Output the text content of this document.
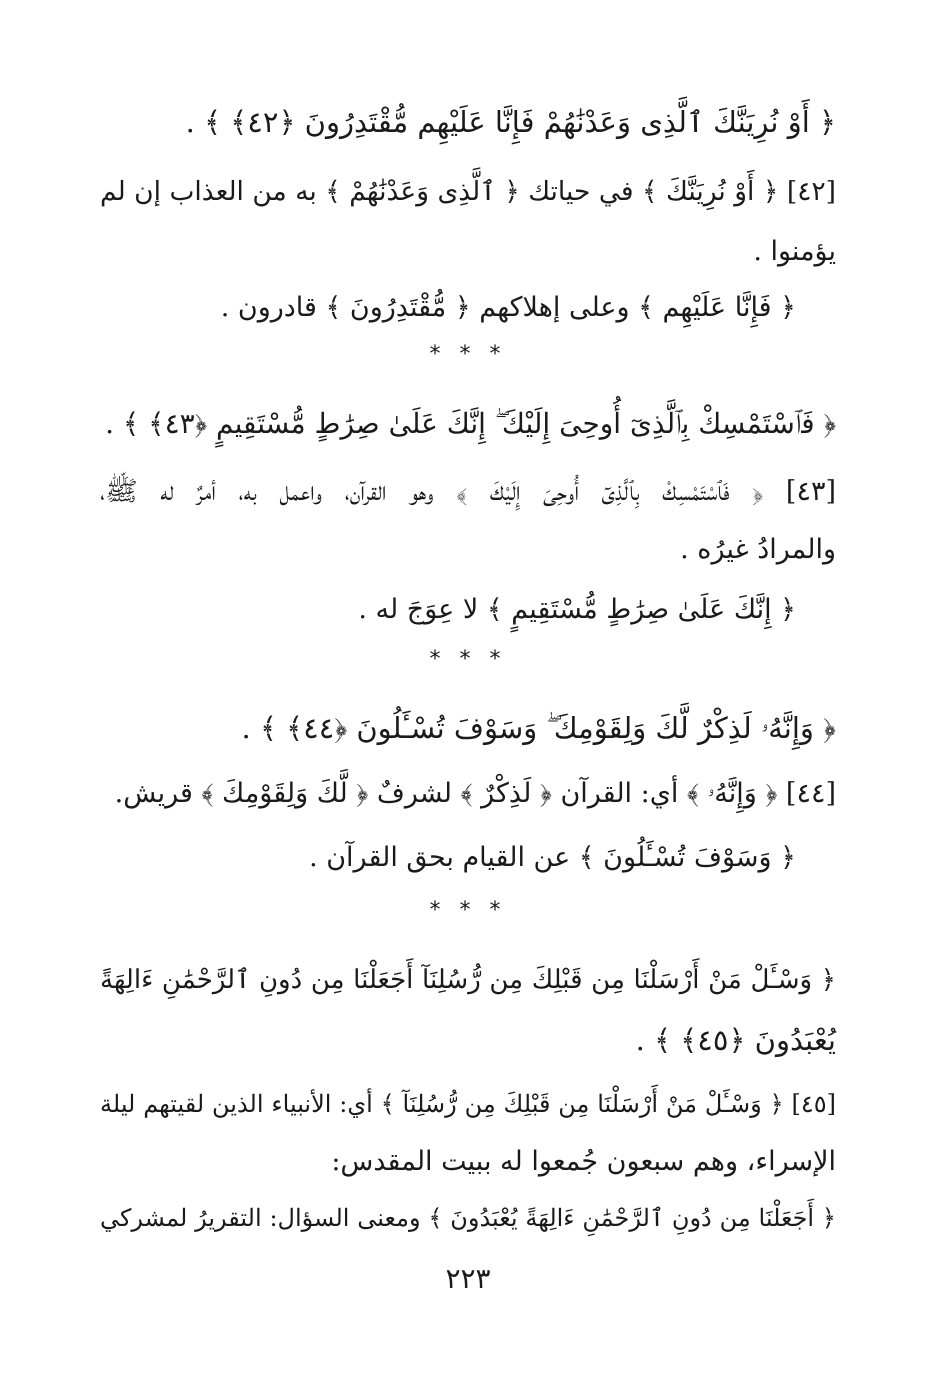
﴿ أَوْ نُرِيَنَّكَ ٱلَّذِى وَعَدْنَٰهُمْ فَإِنَّا عَلَيْهِم مُّقْتَدِرُونَ ﴿٤٢﴾ ﴾ .
[٤٢] ﴿ أَوْ نُرِيَنَّكَ ﴾ في حياتك ﴿ ٱلَّذِى وَعَدْنَٰهُمْ ﴾ به من العذاب إن لم
يؤمنوا .
﴿ فَإِنَّا عَلَيْهِم ﴾ وعلى إهلاكهم ﴿ مُّقْتَدِرُونَ ﴾ قادرون .
* * *
﴿ فَٱسْتَمْسِكْ بِٱلَّذِىٓ أُوحِىَ إِلَيْكَ ۖ إِنَّكَ عَلَىٰ صِرَٰطٍ مُّسْتَقِيمٍ ﴿٤٣﴾ ﴾ .
[٤٣] ﴿ فَٱسْتَمْسِكْ بِٱلَّذِىٓ أُوحِىَ إِلَيْكَ ﴾ وهو القرآن، واعمل به، أمرٌ له ﷺ،
والمرادُ غيرُه .
﴿ إِنَّكَ عَلَىٰ صِرَٰطٍ مُّسْتَقِيمٍ ﴾ لا عِوَجَ له .
* * *
﴿ وَإِنَّهُۥ لَذِكْرٌ لَّكَ وَلِقَوْمِكَ ۖ وَسَوْفَ تُسْـَٔلُونَ ﴿٤٤﴾ ﴾ .
[٤٤] ﴿ وَإِنَّهُۥ ﴾ أي: القرآن ﴿ لَذِكْرٌ ﴾ لشرفٌ ﴿ لَّكَ وَلِقَوْمِكَ ﴾ قريش.
﴿ وَسَوْفَ تُسْـَٔلُونَ ﴾ عن القيام بحق القرآن .
* * *
﴿ وَسْـَٔلْ مَنْ أَرْسَلْنَا مِن قَبْلِكَ مِن رُّسُلِنَآ أَجَعَلْنَا مِن دُونِ ٱلرَّحْمَٰنِ ءَالِهَةً
يُعْبَدُونَ ﴿٤٥﴾ ﴾ .
[٤٥] ﴿ وَسْـَٔلْ مَنْ أَرْسَلْنَا مِن قَبْلِكَ مِن رُّسُلِنَآ ﴾ أي: الأنبياء الذين لقيتهم ليلة
الإسراء، وهم سبعون جُمعوا له ببيت المقدس:
﴿ أَجَعَلْنَا مِن دُونِ ٱلرَّحْمَٰنِ ءَالِهَةً يُعْبَدُونَ ﴾ ومعنى السؤال: التقريرُ لمشركي
٢٢٣
